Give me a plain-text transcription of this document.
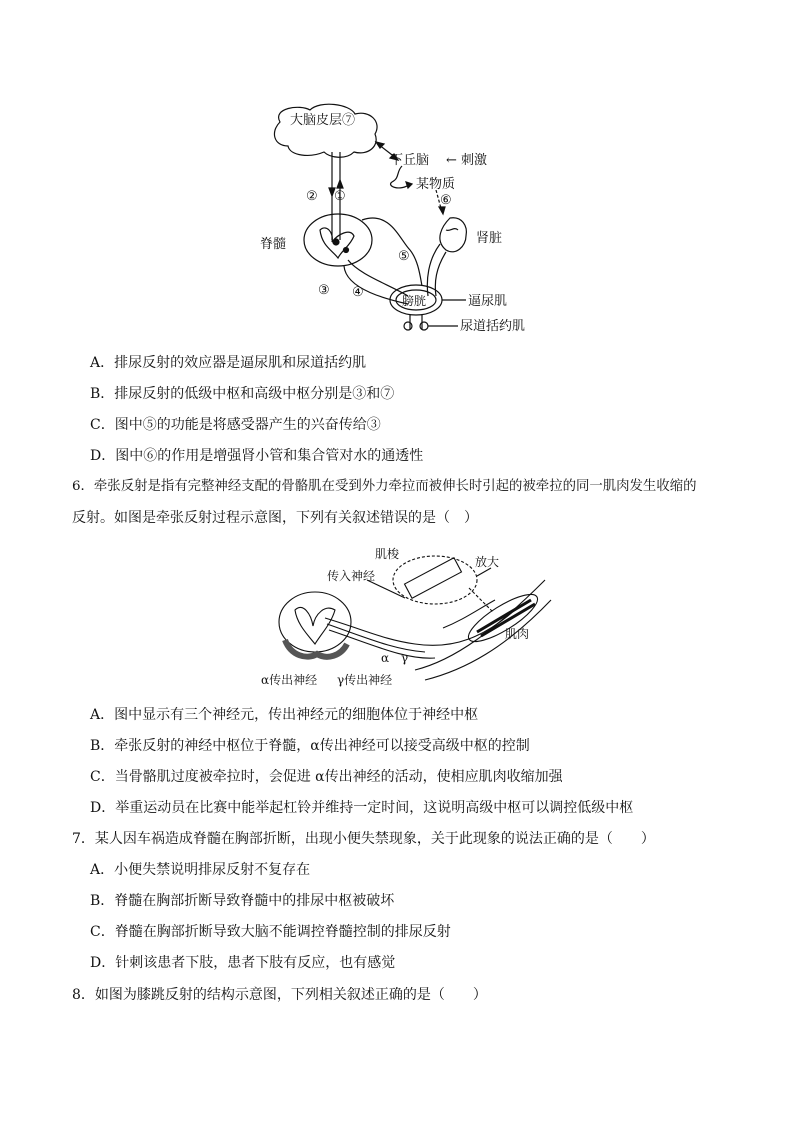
大脑皮层⑦
下丘脑 ← 刺激
某物质
⑥
肾脏
脊髓
② ①
⑤
③ ④
膀胱	逼尿肌
尿道括约肌
A．排尿反射的效应器是逼尿肌和尿道括约肌
B．排尿反射的低级中枢和高级中枢分别是③和⑦
C．图中⑤的功能是将感受器产生的兴奋传给③
D．图中⑥的作用是增强肾小管和集合管对水的通透性
6．牵张反射是指有完整神经支配的骨骼肌在受到外力牵拉而被伸长时引起的被牵拉的同一肌肉发生收缩的
反射。如图是牵张反射过程示意图，下列有关叙述错误的是（　）
肌梭
放大
传入神经
肌肉
α γ
α传出神经 γ传出神经
A．图中显示有三个神经元，传出神经元的细胞体位于神经中枢
B．牵张反射的神经中枢位于脊髓，α传出神经可以接受高级中枢的控制
C．当骨骼肌过度被牵拉时，会促进 α传出神经的活动，使相应肌肉收缩加强
D．举重运动员在比赛中能举起杠铃并维持一定时间，这说明高级中枢可以调控低级中枢
7．某人因车祸造成脊髓在胸部折断，出现小便失禁现象，关于此现象的说法正确的是（　　）
A．小便失禁说明排尿反射不复存在
B．脊髓在胸部折断导致脊髓中的排尿中枢被破坏
C．脊髓在胸部折断导致大脑不能调控脊髓控制的排尿反射
D．针刺该患者下肢，患者下肢有反应，也有感觉
8．如图为膝跳反射的结构示意图，下列相关叙述正确的是（　　）
